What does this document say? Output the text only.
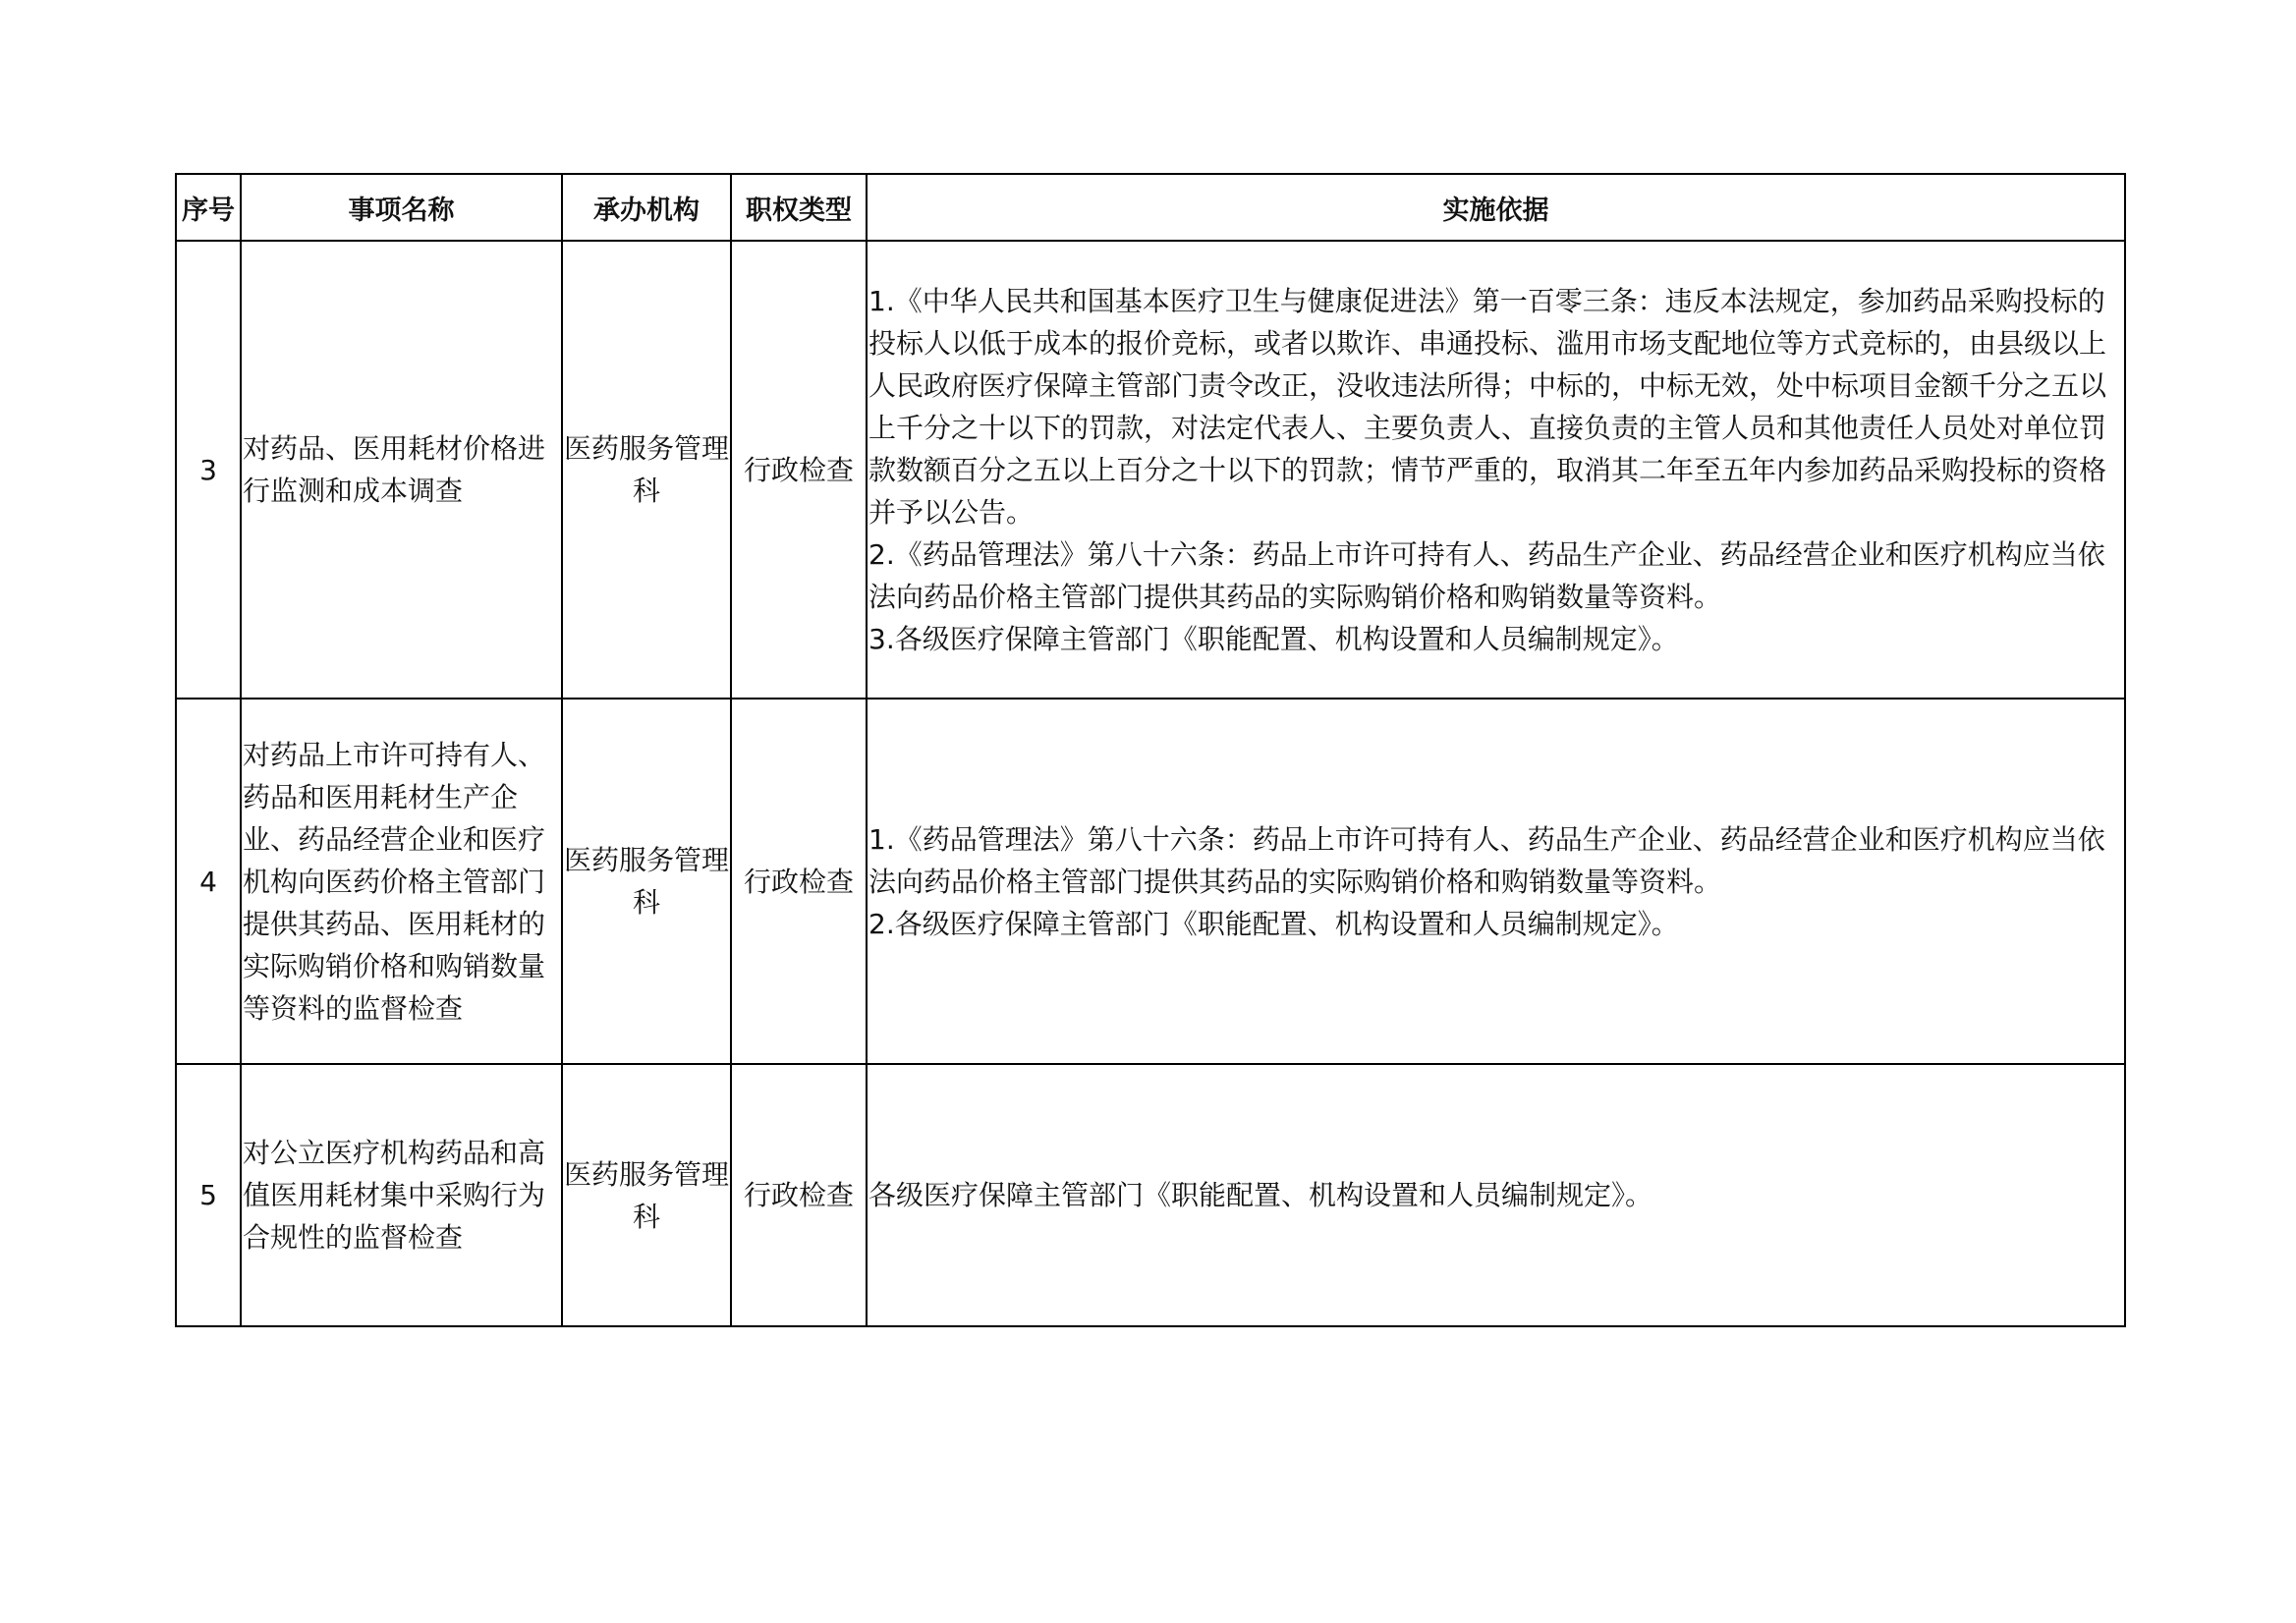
序号	事项名称	承办机构	职权类型	实施依据
3	对药品、医用耗材价格进行监测和成本调查	医药服务管理科	行政检查	1.《中华人民共和国基本医疗卫生与健康促进法》第一百零三条：违反本法规定，参加药品采购投标的投标人以低于成本的报价竞标，或者以欺诈、串通投标、滥用市场支配地位等方式竞标的，由县级以上人民政府医疗保障主管部门责令改正，没收违法所得；中标的，中标无效，处中标项目金额千分之五以上千分之十以下的罚款，对法定代表人、主要负责人、直接负责的主管人员和其他责任人员处对单位罚款数额百分之五以上百分之十以下的罚款；情节严重的，取消其二年至五年内参加药品采购投标的资格并予以公告。
2.《药品管理法》第八十六条：药品上市许可持有人、药品生产企业、药品经营企业和医疗机构应当依法向药品价格主管部门提供其药品的实际购销价格和购销数量等资料。
3.各级医疗保障主管部门《职能配置、机构设置和人员编制规定》。

4	对药品上市许可持有人、药品和医用耗材生产企业、药品经营企业和医疗机构向医药价格主管部门提供其药品、医用耗材的实际购销价格和购销数量等资料的监督检查	医药服务管理科	行政检查	1.《药品管理法》第八十六条：药品上市许可持有人、药品生产企业、药品经营企业和医疗机构应当依法向药品价格主管部门提供其药品的实际购销价格和购销数量等资料。
2.各级医疗保障主管部门《职能配置、机构设置和人员编制规定》。

5	对公立医疗机构药品和高值医用耗材集中采购行为合规性的监督检查	医药服务管理科	行政检查	各级医疗保障主管部门《职能配置、机构设置和人员编制规定》。
